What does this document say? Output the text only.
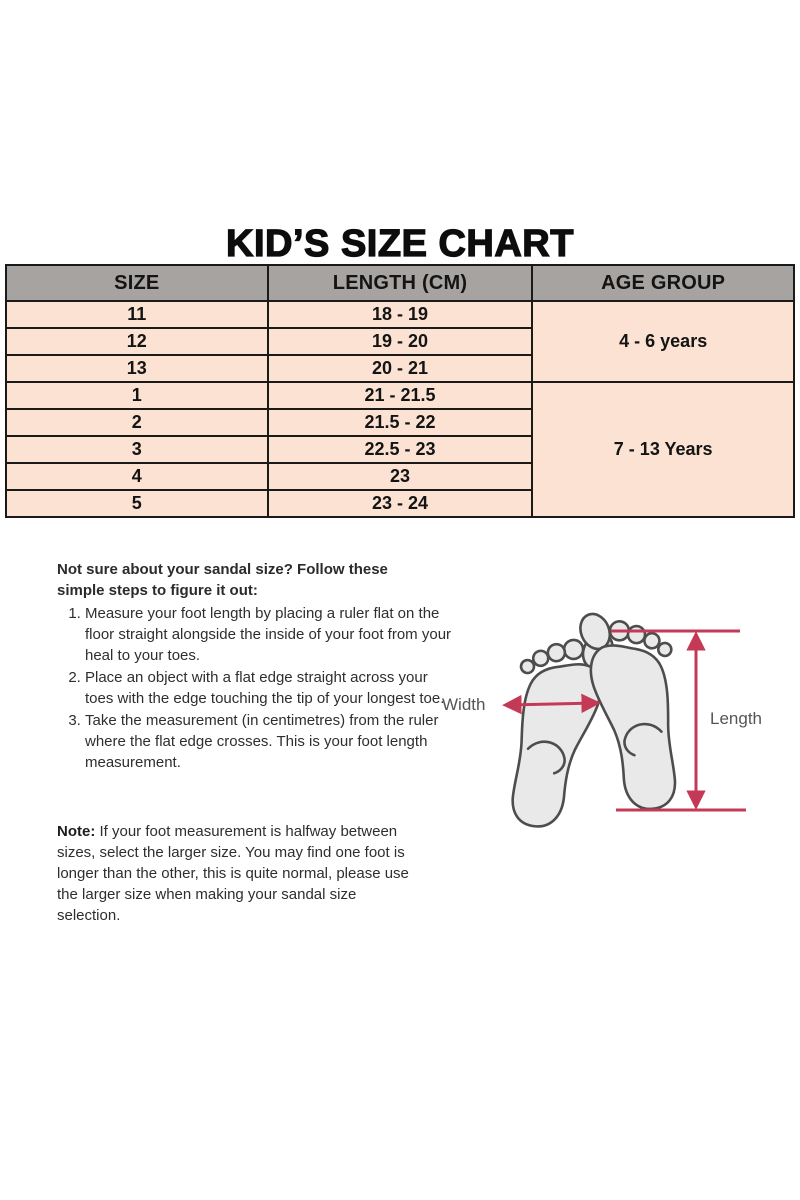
KID’S SIZE CHART
SIZE	LENGTH (CM)	AGE GROUP
11	18 - 19	4 - 6 years
12	19 - 20	
13	20 - 21	
1	21 - 21.5	7 - 13 Years
2	21.5 - 22	
3	22.5 - 23	
4	23	
5	23 - 24	

Not sure about your sandal size? Follow these simple steps to figure it out:

1. Measure your foot length by placing a ruler flat on the floor straight alongside the inside of your foot from your heal to your toes.
2. Place an object with a flat edge straight across your toes with the edge touching the tip of your longest toe.
3. Take the measurement (in centimetres) from the ruler where the flat edge crosses. This is your foot length measurement.

Note: If your foot measurement is halfway between sizes, select the larger size. You may find one foot is longer than the other, this is quite normal, please use the larger size when making your sandal size selection.

Width
Length
